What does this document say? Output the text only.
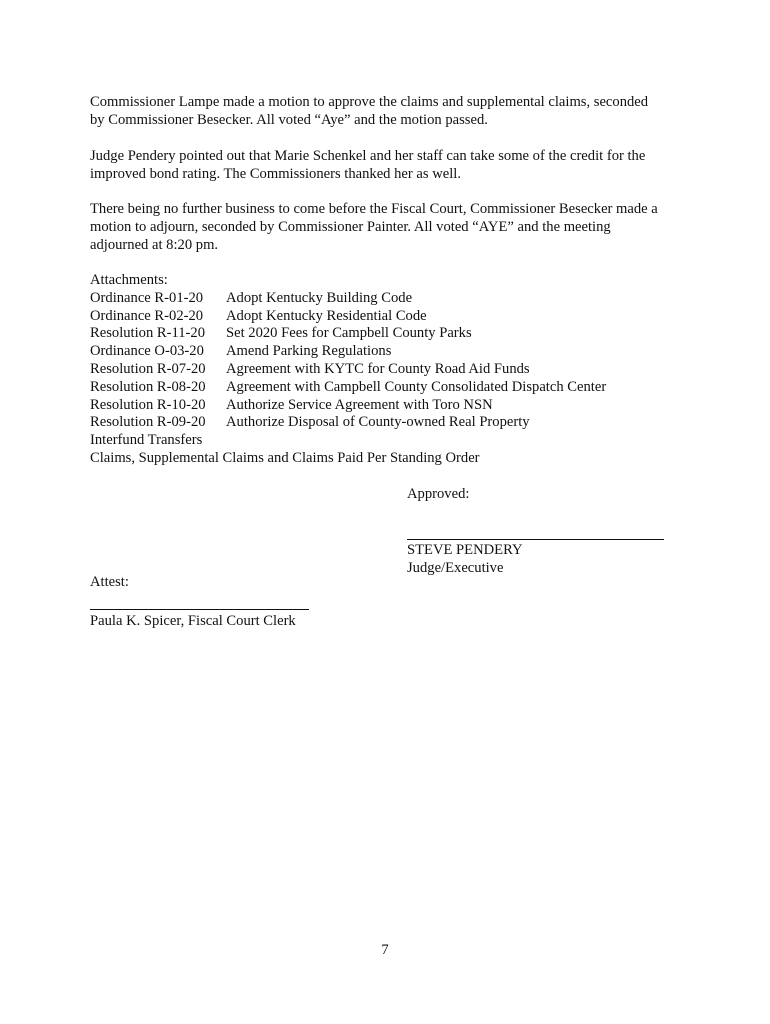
Commissioner Lampe made a motion to approve the claims and supplemental claims, seconded
by Commissioner Besecker. All voted “Aye” and the motion passed.

Judge Pendery pointed out that Marie Schenkel and her staff can take some of the credit for the
improved bond rating. The Commissioners thanked her as well.

There being no further business to come before the Fiscal Court, Commissioner Besecker made a
motion to adjourn, seconded by Commissioner Painter. All voted “AYE” and the meeting
adjourned at 8:20 pm.

Attachments:
Ordinance R-01-20 Adopt Kentucky Building Code
Ordinance R-02-20 Adopt Kentucky Residential Code
Resolution R-11-20 Set 2020 Fees for Campbell County Parks
Ordinance O-03-20 Amend Parking Regulations
Resolution R-07-20 Agreement with KYTC for County Road Aid Funds
Resolution R-08-20 Agreement with Campbell County Consolidated Dispatch Center
Resolution R-10-20 Authorize Service Agreement with Toro NSN
Resolution R-09-20 Authorize Disposal of County-owned Real Property
Interfund Transfers
Claims, Supplemental Claims and Claims Paid Per Standing Order
Approved:
STEVE PENDERY
Judge/Executive
Attest:
Paula K. Spicer, Fiscal Court Clerk
7
